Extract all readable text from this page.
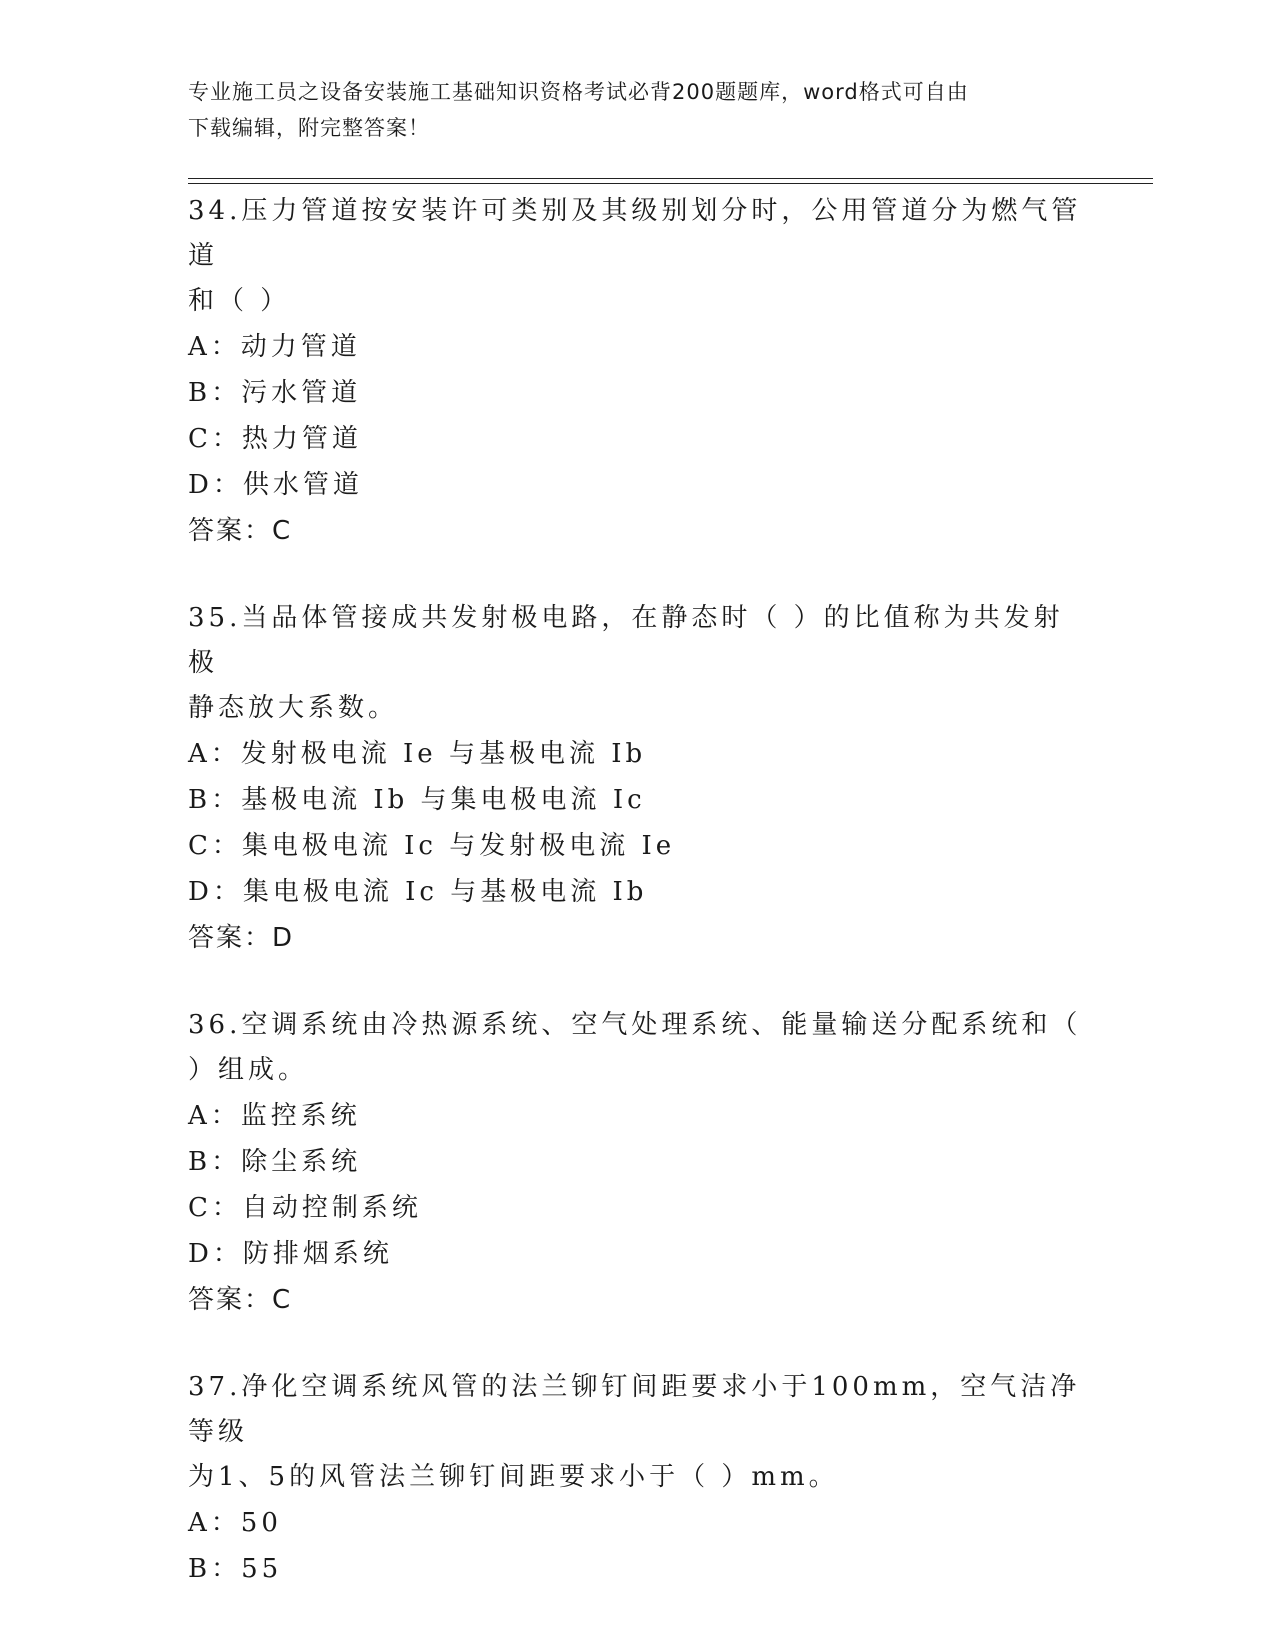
专业施工员之设备安装施工基础知识资格考试必背200题题库，word格式可自由
下载编辑，附完整答案！
34.压力管道按安装许可类别及其级别划分时，公用管道分为燃气管道
和（ ）
A：动力管道
B：污水管道
C：热力管道
D：供水管道
答案：C
35.当品体管接成共发射极电路，在静态时（ ）的比值称为共发射极
静态放大系数。
A：发射极电流 Ie 与基极电流 Ib
B：基极电流 Ib 与集电极电流 Ic
C：集电极电流 Ic 与发射极电流 Ie
D：集电极电流 Ic 与基极电流 Ib
答案：D
36.空调系统由冷热源系统、空气处理系统、能量输送分配系统和（
）组成。
A：监控系统
B：除尘系统
C：自动控制系统
D：防排烟系统
答案：C
37.净化空调系统风管的法兰铆钉间距要求小于100mm，空气洁净等级
为1、5的风管法兰铆钉间距要求小于（ ）mm。
A：50
B：55
